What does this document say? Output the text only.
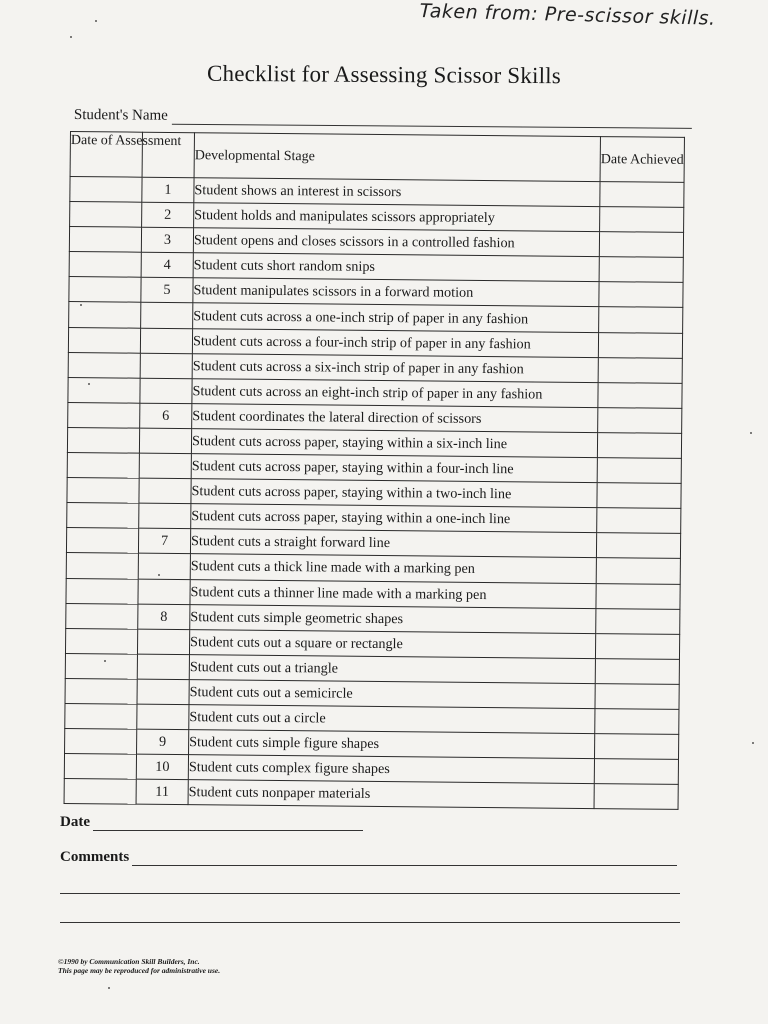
Taken from: Pre-scissor skills.
Checklist for Assessing Scissor Skills
Student's Name
Date of Assessment		Developmental Stage	Date Achieved
	1	Student shows an interest in scissors	
	2	Student holds and manipulates scissors appropriately	
	3	Student opens and closes scissors in a controlled fashion	
	4	Student cuts short random snips	
	5	Student manipulates scissors in a forward motion	
		Student cuts across a one-inch strip of paper in any fashion	
		Student cuts across a four-inch strip of paper in any fashion	
		Student cuts across a six-inch strip of paper in any fashion	
		Student cuts across an eight-inch strip of paper in any fashion	
	6	Student coordinates the lateral direction of scissors	
		Student cuts across paper, staying within a six-inch line	
		Student cuts across paper, staying within a four-inch line	
		Student cuts across paper, staying within a two-inch line	
		Student cuts across paper, staying within a one-inch line	
	7	Student cuts a straight forward line	
		Student cuts a thick line made with a marking pen	
		Student cuts a thinner line made with a marking pen	
	8	Student cuts simple geometric shapes	
		Student cuts out a square or rectangle	
		Student cuts out a triangle	
		Student cuts out a semicircle	
		Student cuts out a circle	
	9	Student cuts simple figure shapes	
	10	Student cuts complex figure shapes	
	11	Student cuts nonpaper materials	
Date
Comments
©1990 by Communication Skill Builders, Inc.
This page may be reproduced for administrative use.
